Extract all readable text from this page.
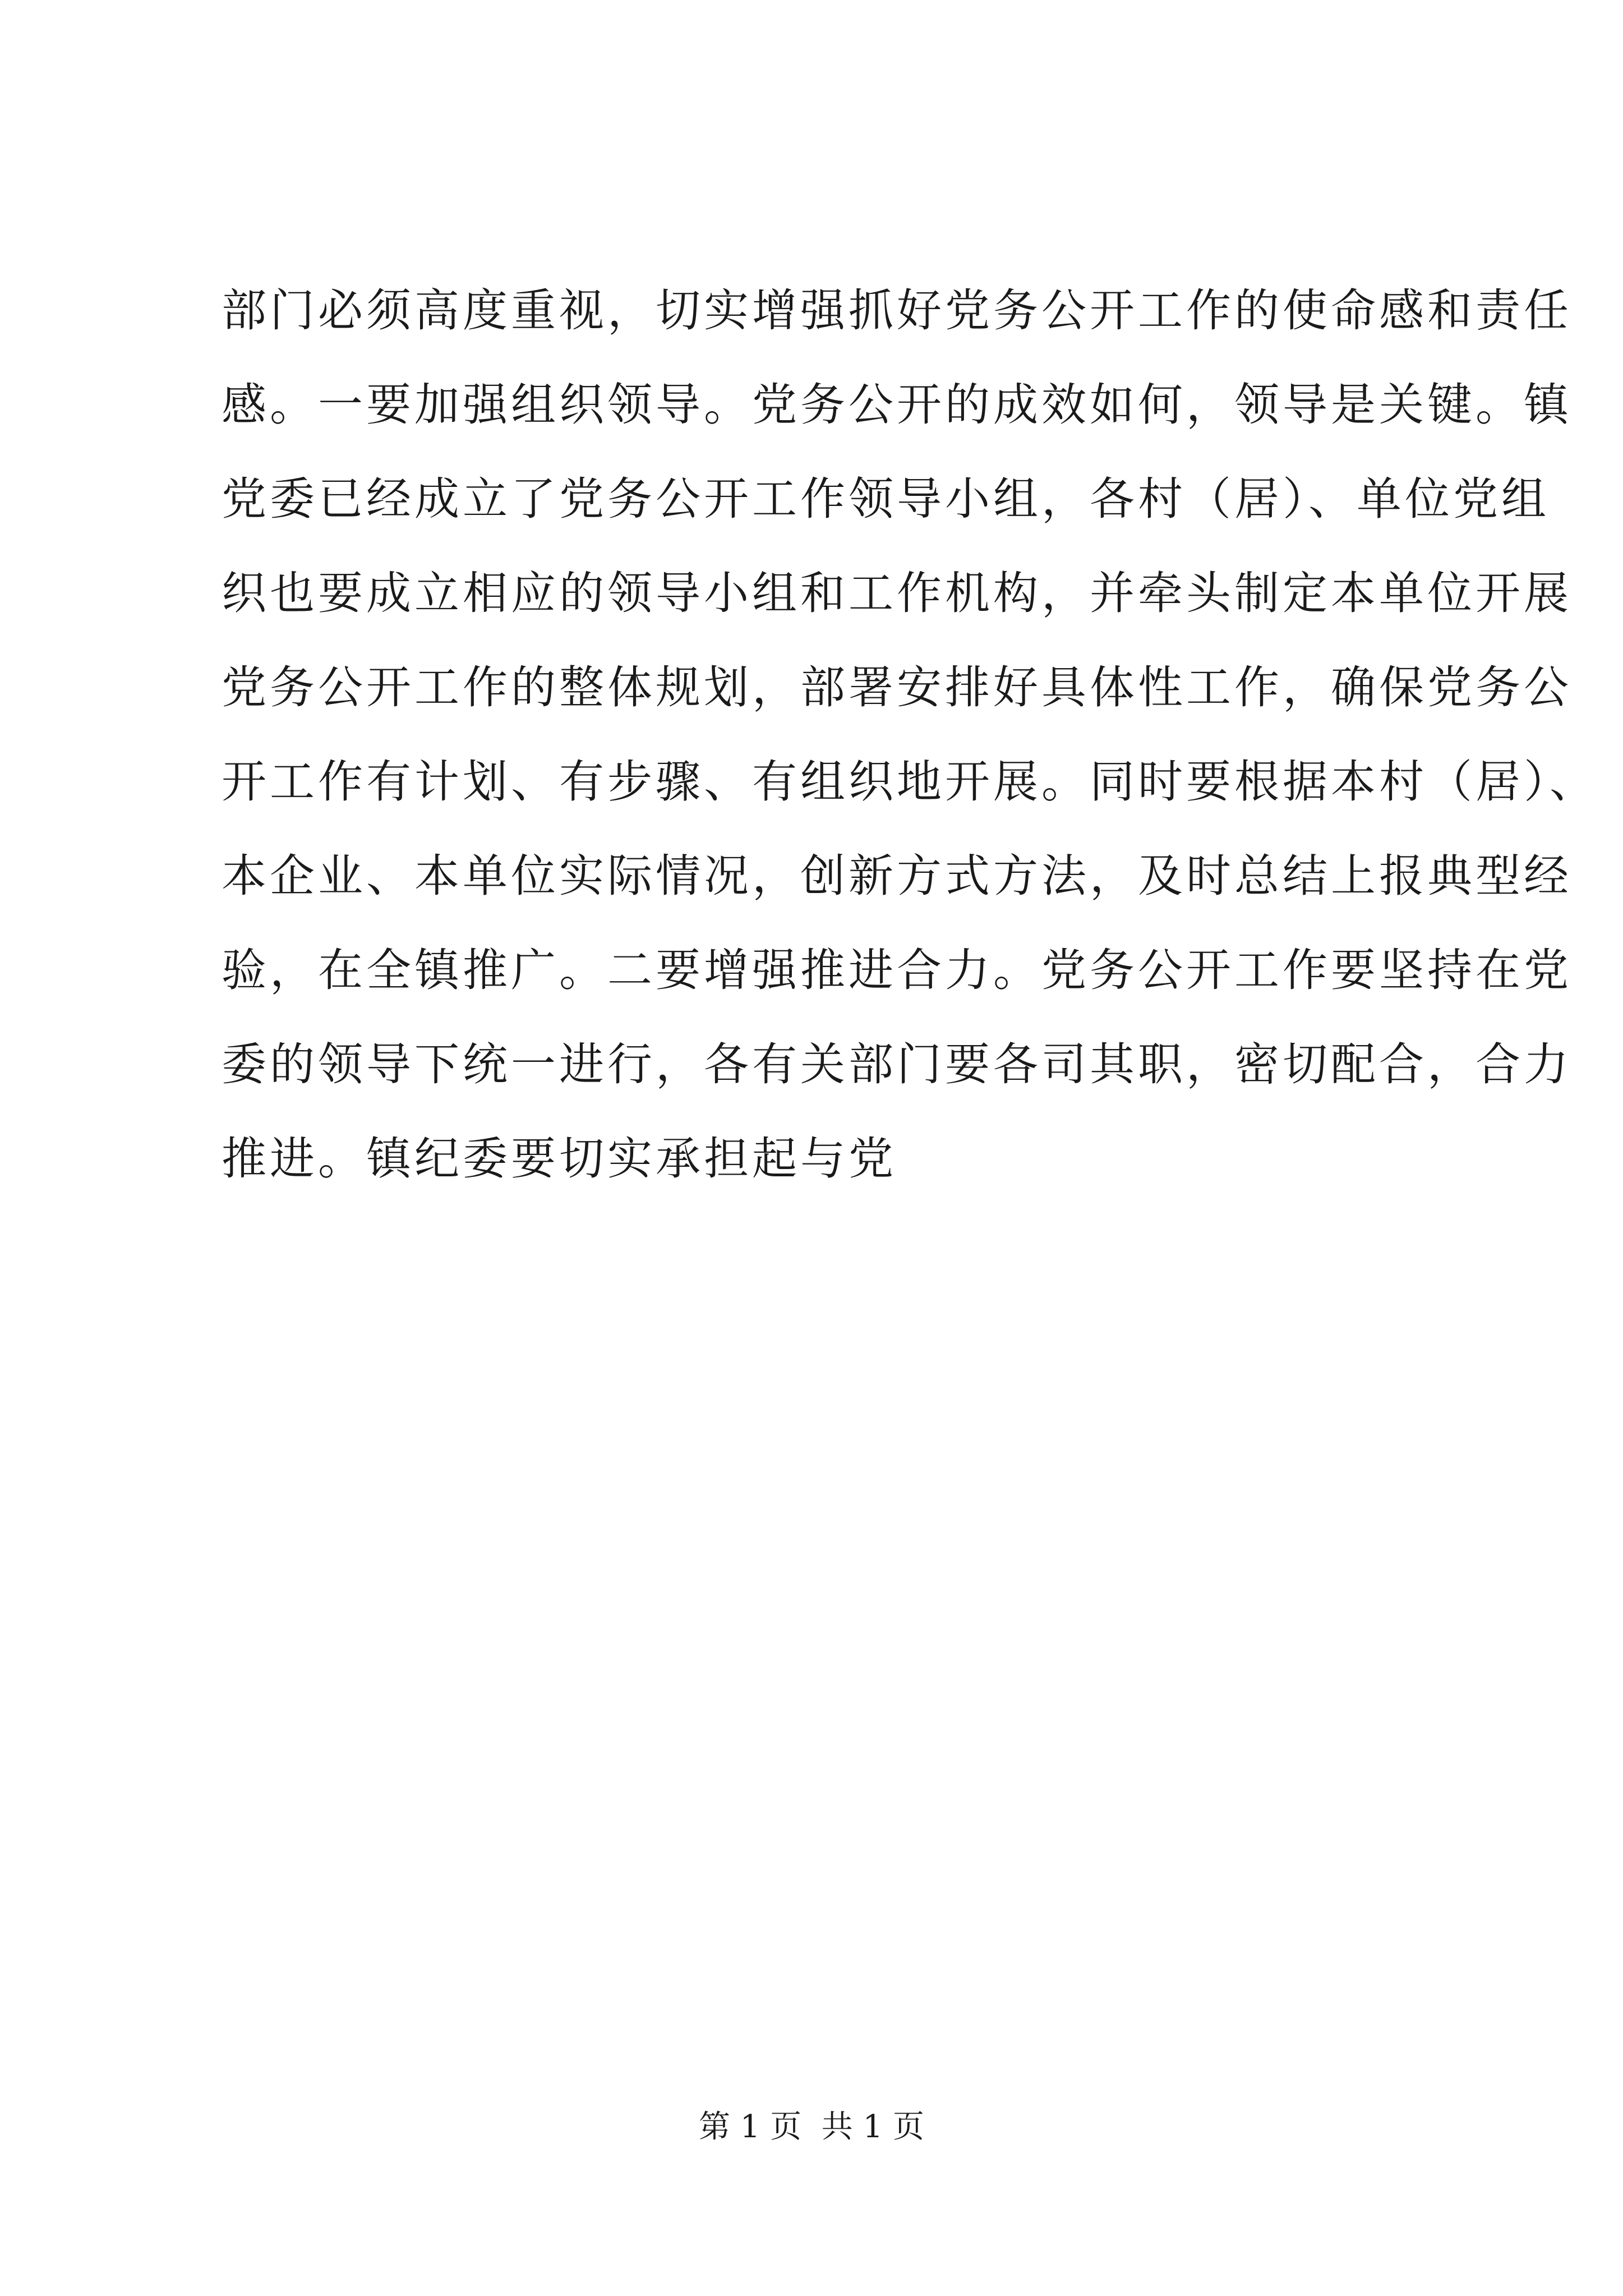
部门必须高度重视，切实增强抓好党务公开工作的使命感和责任
感。一要加强组织领导。党务公开的成效如何，领导是关键。镇
党委已经成立了党务公开工作领导小组，各村（居）、单位党组
织也要成立相应的领导小组和工作机构，并牵头制定本单位开展
党务公开工作的整体规划，部署安排好具体性工作，确保党务公
开工作有计划、有步骤、有组织地开展。同时要根据本村（居）、
本企业、本单位实际情况，创新方式方法，及时总结上报典型经
验，在全镇推广。二要增强推进合力。党务公开工作要坚持在党
委的领导下统一进行，各有关部门要各司其职，密切配合，合力
推进。镇纪委要切实承担起与党
第 1 页  共 1 页
